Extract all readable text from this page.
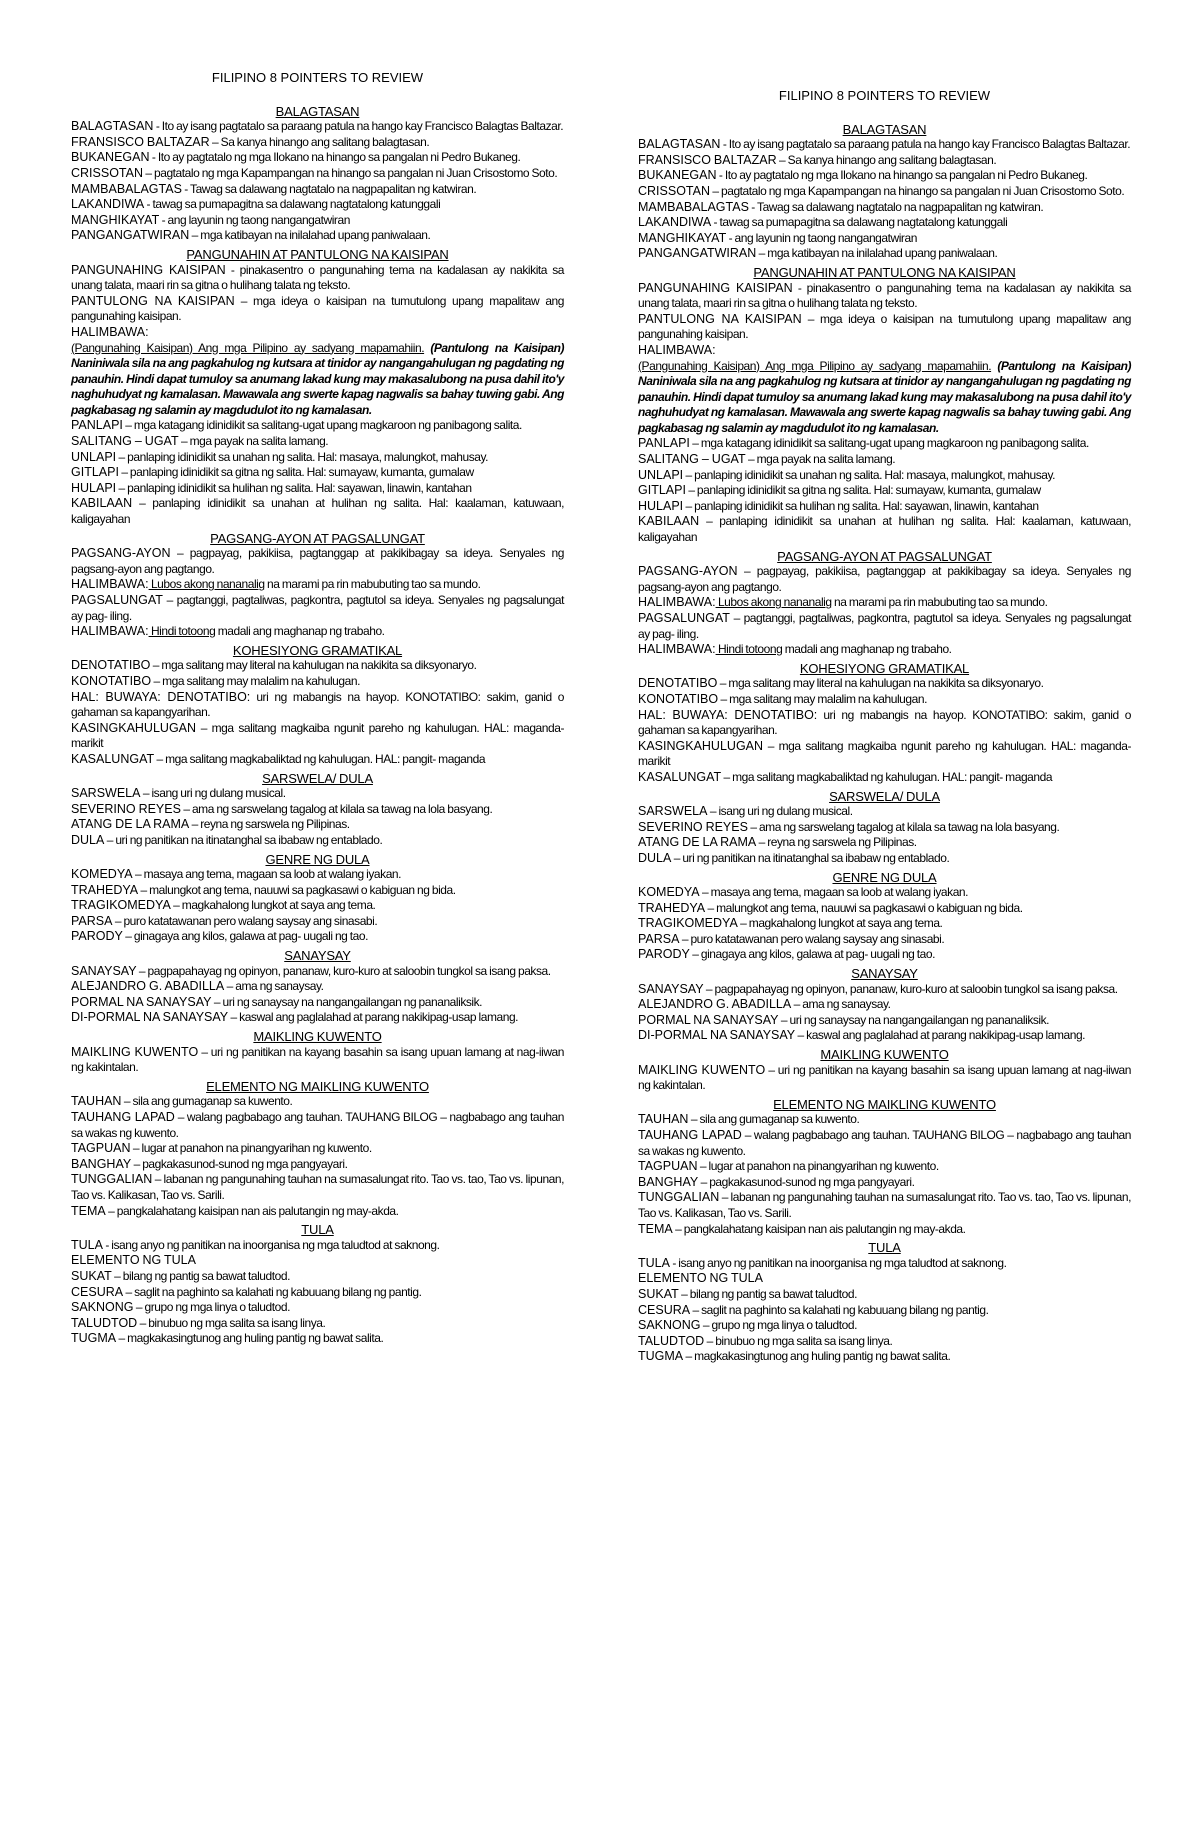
FILIPINO 8 POINTERS TO REVIEW
BALAGTASAN

BALAGTASAN - Ito ay isang pagtatalo sa paraang patula na hango kay Francisco Balagtas Baltazar.

FRANSISCO BALTAZAR – Sa kanya hinango ang salitang balagtasan.

BUKANEGAN - Ito ay pagtatalo ng mga Ilokano na hinango sa pangalan ni Pedro Bukaneg.

CRISSOTAN – pagtatalo ng mga Kapampangan na hinango sa pangalan ni Juan Crisostomo Soto.

MAMBABALAGTAS - Tawag sa dalawang nagtatalo na nagpapalitan ng katwiran.

LAKANDIWA - tawag sa pumapagitna sa dalawang nagtatalong katunggali

MANGHIKAYAT - ang layunin ng taong nangangatwiran

PANGANGATWIRAN – mga katibayan na inilalahad upang paniwalaan.

PANGUNAHIN AT PANTULONG NA KAISIPAN

PANGUNAHING KAISIPAN - pinakasentro o pangunahing tema na kadalasan ay nakikita sa unang talata, maari rin sa gitna o hulihang talata ng teksto.

PANTULONG NA KAISIPAN – mga ideya o kaisipan na tumutulong upang mapalitaw ang pangunahing kaisipan.

HALIMBAWA:

(Pangunahing Kaisipan) Ang mga Pilipino ay sadyang mapamahiin. (Pantulong na Kaisipan) Naniniwala sila na ang pagkahulog ng kutsara at tinidor ay nangangahulugan ng pagdating ng panauhin. Hindi dapat tumuloy sa anumang lakad kung may makasalubong na pusa dahil ito'y naghuhudyat ng kamalasan. Mawawala ang swerte kapag nagwalis sa bahay tuwing gabi. Ang pagkabasag ng salamin ay magdudulot ito ng kamalasan.

PANLAPI – mga katagang idinidikit sa salitang-ugat upang magkaroon ng panibagong salita.

SALITANG – UGAT – mga payak na salita lamang.

UNLAPI – panlaping idinidikit sa unahan ng salita. Hal: masaya, malungkot, mahusay.

GITLAPI – panlaping idinidikit sa gitna ng salita. Hal: sumayaw, kumanta, gumalaw

HULAPI – panlaping idinidikit sa hulihan ng salita. Hal: sayawan, linawin, kantahan

KABILAAN – panlaping idinidikit sa unahan at hulihan ng salita. Hal: kaalaman, katuwaan, kaligayahan

PAGSANG-AYON AT PAGSALUNGAT

PAGSANG-AYON – pagpayag, pakikiisa, pagtanggap at pakikibagay sa ideya. Senyales ng pagsang-ayon ang pagtango.

HALIMBAWA: Lubos akong nananalig na marami pa rin mabubuting tao sa mundo.

PAGSALUNGAT – pagtanggi, pagtaliwas, pagkontra, pagtutol sa ideya. Senyales ng pagsalungat ay pag- iling.

HALIMBAWA: Hindi totoong madali ang maghanap ng trabaho.

KOHESIYONG GRAMATIKAL

DENOTATIBO – mga salitang may literal na kahulugan na nakikita sa diksyonaryo.

KONOTATIBO – mga salitang may malalim na kahulugan.

HAL: BUWAYA: DENOTATIBO: uri ng mabangis na hayop. KONOTATIBO: sakim, ganid o gahaman sa kapangyarihan.

KASINGKAHULUGAN – mga salitang magkaiba ngunit pareho ng kahulugan. HAL: maganda- marikit

KASALUNGAT – mga salitang magkabaliktad ng kahulugan. HAL: pangit- maganda

SARSWELA/ DULA

SARSWELA – isang uri ng dulang musical.

SEVERINO REYES – ama ng sarswelang tagalog at kilala sa tawag na lola basyang.

ATANG DE LA RAMA – reyna ng sarswela ng Pilipinas.

DULA – uri ng panitikan na itinatanghal sa ibabaw ng entablado.

GENRE NG DULA

KOMEDYA – masaya ang tema, magaan sa loob at walang iyakan.

TRAHEDYA – malungkot ang tema, nauuwi sa pagkasawi o kabiguan ng bida.

TRAGIKOMEDYA – magkahalong lungkot at saya ang tema.

PARSA – puro katatawanan pero walang saysay ang sinasabi.

PARODY – ginagaya ang kilos, galawa at pag- uugali ng tao.

SANAYSAY

SANAYSAY – pagpapahayag ng opinyon, pananaw, kuro-kuro at saloobin tungkol sa isang paksa.

ALEJANDRO G. ABADILLA – ama ng sanaysay.

PORMAL NA SANAYSAY – uri ng sanaysay na nangangailangan ng pananaliksik.

DI-PORMAL NA SANAYSAY – kaswal ang paglalahad at parang nakikipag-usap lamang.

MAIKLING KUWENTO

MAIKLING KUWENTO – uri ng panitikan na kayang basahin sa isang upuan lamang at nag-iiwan ng kakintalan.

ELEMENTO NG MAIKLING KUWENTO

TAUHAN – sila ang gumaganap sa kuwento.

TAUHANG LAPAD – walang pagbabago ang tauhan. TAUHANG BILOG – nagbabago ang tauhan sa wakas ng kuwento.

TAGPUAN – lugar at panahon na pinangyarihan ng kuwento.

BANGHAY – pagkakasunod-sunod ng mga pangyayari.

TUNGGALIAN – labanan ng pangunahing tauhan na sumasalungat rito. Tao vs. tao, Tao vs. lipunan, Tao vs. Kalikasan, Tao vs. Sarili.

TEMA – pangkalahatang kaisipan nan ais palutangin ng may-akda.

TULA

TULA - isang anyo ng panitikan na inoorganisa ng mga taludtod at saknong.

ELEMENTO NG TULA

SUKAT – bilang ng pantig sa bawat taludtod.

CESURA – saglit na paghinto sa kalahati ng kabuuang bilang ng pantig.

SAKNONG – grupo ng mga linya o taludtod.

TALUDTOD – binubuo ng mga salita sa isang linya.

TUGMA – magkakasingtunog ang huling pantig ng bawat salita.

FILIPINO 8 POINTERS TO REVIEW
BALAGTASAN

BALAGTASAN - Ito ay isang pagtatalo sa paraang patula na hango kay Francisco Balagtas Baltazar.

FRANSISCO BALTAZAR – Sa kanya hinango ang salitang balagtasan.

BUKANEGAN - Ito ay pagtatalo ng mga Ilokano na hinango sa pangalan ni Pedro Bukaneg.

CRISSOTAN – pagtatalo ng mga Kapampangan na hinango sa pangalan ni Juan Crisostomo Soto.

MAMBABALAGTAS - Tawag sa dalawang nagtatalo na nagpapalitan ng katwiran.

LAKANDIWA - tawag sa pumapagitna sa dalawang nagtatalong katunggali

MANGHIKAYAT - ang layunin ng taong nangangatwiran

PANGANGATWIRAN – mga katibayan na inilalahad upang paniwalaan.

PANGUNAHIN AT PANTULONG NA KAISIPAN

PANGUNAHING KAISIPAN - pinakasentro o pangunahing tema na kadalasan ay nakikita sa unang talata, maari rin sa gitna o hulihang talata ng teksto.

PANTULONG NA KAISIPAN – mga ideya o kaisipan na tumutulong upang mapalitaw ang pangunahing kaisipan.

HALIMBAWA:

(Pangunahing Kaisipan) Ang mga Pilipino ay sadyang mapamahiin. (Pantulong na Kaisipan) Naniniwala sila na ang pagkahulog ng kutsara at tinidor ay nangangahulugan ng pagdating ng panauhin. Hindi dapat tumuloy sa anumang lakad kung may makasalubong na pusa dahil ito'y naghuhudyat ng kamalasan. Mawawala ang swerte kapag nagwalis sa bahay tuwing gabi. Ang pagkabasag ng salamin ay magdudulot ito ng kamalasan.

PANLAPI – mga katagang idinidikit sa salitang-ugat upang magkaroon ng panibagong salita.

SALITANG – UGAT – mga payak na salita lamang.

UNLAPI – panlaping idinidikit sa unahan ng salita. Hal: masaya, malungkot, mahusay.

GITLAPI – panlaping idinidikit sa gitna ng salita. Hal: sumayaw, kumanta, gumalaw

HULAPI – panlaping idinidikit sa hulihan ng salita. Hal: sayawan, linawin, kantahan

KABILAAN – panlaping idinidikit sa unahan at hulihan ng salita. Hal: kaalaman, katuwaan, kaligayahan

PAGSANG-AYON AT PAGSALUNGAT

PAGSANG-AYON – pagpayag, pakikiisa, pagtanggap at pakikibagay sa ideya. Senyales ng pagsang-ayon ang pagtango.

HALIMBAWA: Lubos akong nananalig na marami pa rin mabubuting tao sa mundo.

PAGSALUNGAT – pagtanggi, pagtaliwas, pagkontra, pagtutol sa ideya. Senyales ng pagsalungat ay pag- iling.

HALIMBAWA: Hindi totoong madali ang maghanap ng trabaho.

KOHESIYONG GRAMATIKAL

DENOTATIBO – mga salitang may literal na kahulugan na nakikita sa diksyonaryo.

KONOTATIBO – mga salitang may malalim na kahulugan.

HAL: BUWAYA: DENOTATIBO: uri ng mabangis na hayop. KONOTATIBO: sakim, ganid o gahaman sa kapangyarihan.

KASINGKAHULUGAN – mga salitang magkaiba ngunit pareho ng kahulugan. HAL: maganda- marikit

KASALUNGAT – mga salitang magkabaliktad ng kahulugan. HAL: pangit- maganda

SARSWELA/ DULA

SARSWELA – isang uri ng dulang musical.

SEVERINO REYES – ama ng sarswelang tagalog at kilala sa tawag na lola basyang.

ATANG DE LA RAMA – reyna ng sarswela ng Pilipinas.

DULA – uri ng panitikan na itinatanghal sa ibabaw ng entablado.

GENRE NG DULA

KOMEDYA – masaya ang tema, magaan sa loob at walang iyakan.

TRAHEDYA – malungkot ang tema, nauuwi sa pagkasawi o kabiguan ng bida.

TRAGIKOMEDYA – magkahalong lungkot at saya ang tema.

PARSA – puro katatawanan pero walang saysay ang sinasabi.

PARODY – ginagaya ang kilos, galawa at pag- uugali ng tao.

SANAYSAY

SANAYSAY – pagpapahayag ng opinyon, pananaw, kuro-kuro at saloobin tungkol sa isang paksa.

ALEJANDRO G. ABADILLA – ama ng sanaysay.

PORMAL NA SANAYSAY – uri ng sanaysay na nangangailangan ng pananaliksik.

DI-PORMAL NA SANAYSAY – kaswal ang paglalahad at parang nakikipag-usap lamang.

MAIKLING KUWENTO

MAIKLING KUWENTO – uri ng panitikan na kayang basahin sa isang upuan lamang at nag-iiwan ng kakintalan.

ELEMENTO NG MAIKLING KUWENTO

TAUHAN – sila ang gumaganap sa kuwento.

TAUHANG LAPAD – walang pagbabago ang tauhan. TAUHANG BILOG – nagbabago ang tauhan sa wakas ng kuwento.

TAGPUAN – lugar at panahon na pinangyarihan ng kuwento.

BANGHAY – pagkakasunod-sunod ng mga pangyayari.

TUNGGALIAN – labanan ng pangunahing tauhan na sumasalungat rito. Tao vs. tao, Tao vs. lipunan, Tao vs. Kalikasan, Tao vs. Sarili.

TEMA – pangkalahatang kaisipan nan ais palutangin ng may-akda.

TULA

TULA - isang anyo ng panitikan na inoorganisa ng mga taludtod at saknong.

ELEMENTO NG TULA

SUKAT – bilang ng pantig sa bawat taludtod.

CESURA – saglit na paghinto sa kalahati ng kabuuang bilang ng pantig.

SAKNONG – grupo ng mga linya o taludtod.

TALUDTOD – binubuo ng mga salita sa isang linya.

TUGMA – magkakasingtunog ang huling pantig ng bawat salita.
